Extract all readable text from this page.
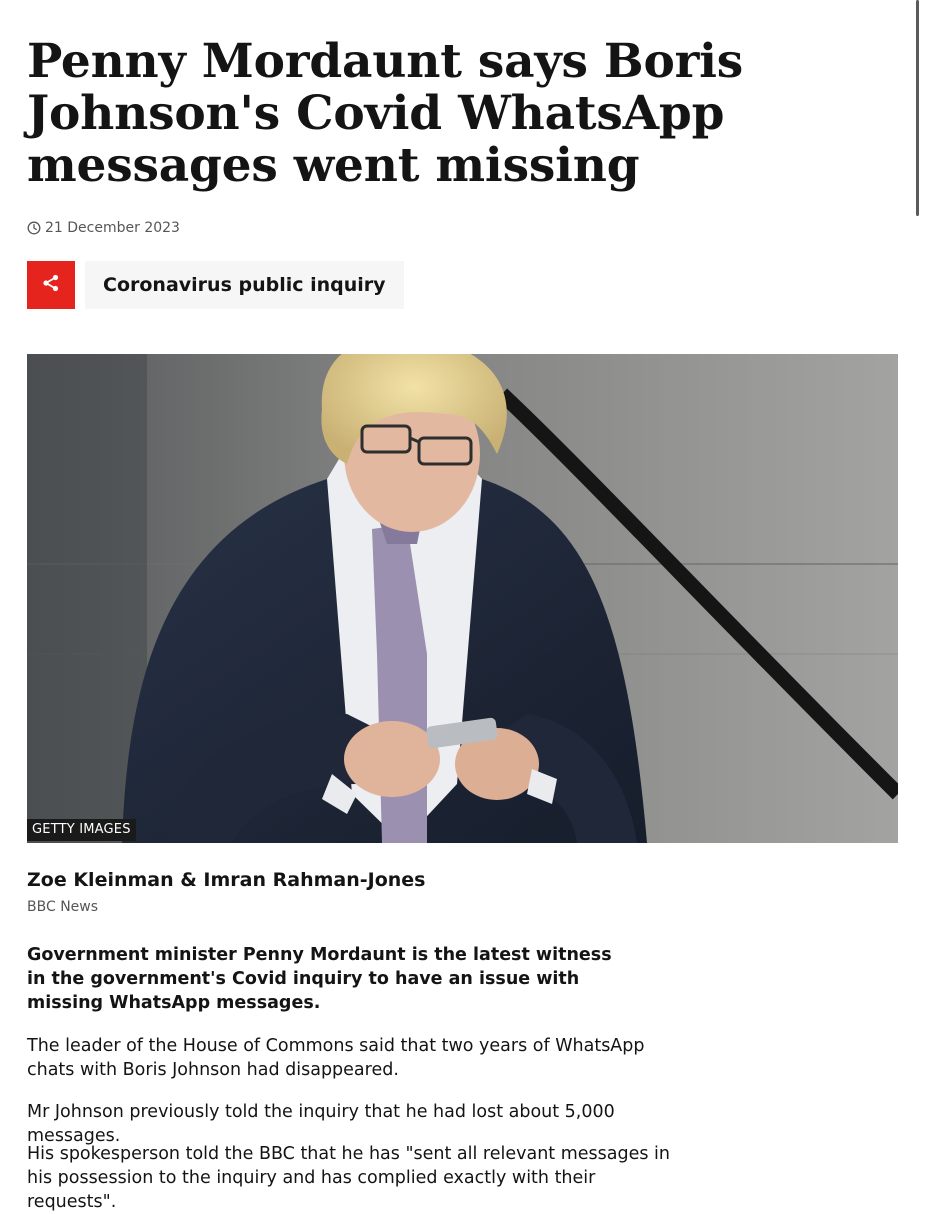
Penny Mordaunt says Boris Johnson's Covid WhatsApp messages went missing
21 December 2023
Coronavirus public inquiry
GETTY IMAGES
Zoe Kleinman & Imran Rahman-Jones
BBC News

Government minister Penny Mordaunt is the latest witness in the government's Covid inquiry to have an issue with missing WhatsApp messages.

The leader of the House of Commons said that two years of WhatsApp chats with Boris Johnson had disappeared.

Mr Johnson previously told the inquiry that he had lost about 5,000 messages.

His spokesperson told the BBC that he has "sent all relevant messages in his possession to the inquiry and has complied exactly with their requests".
